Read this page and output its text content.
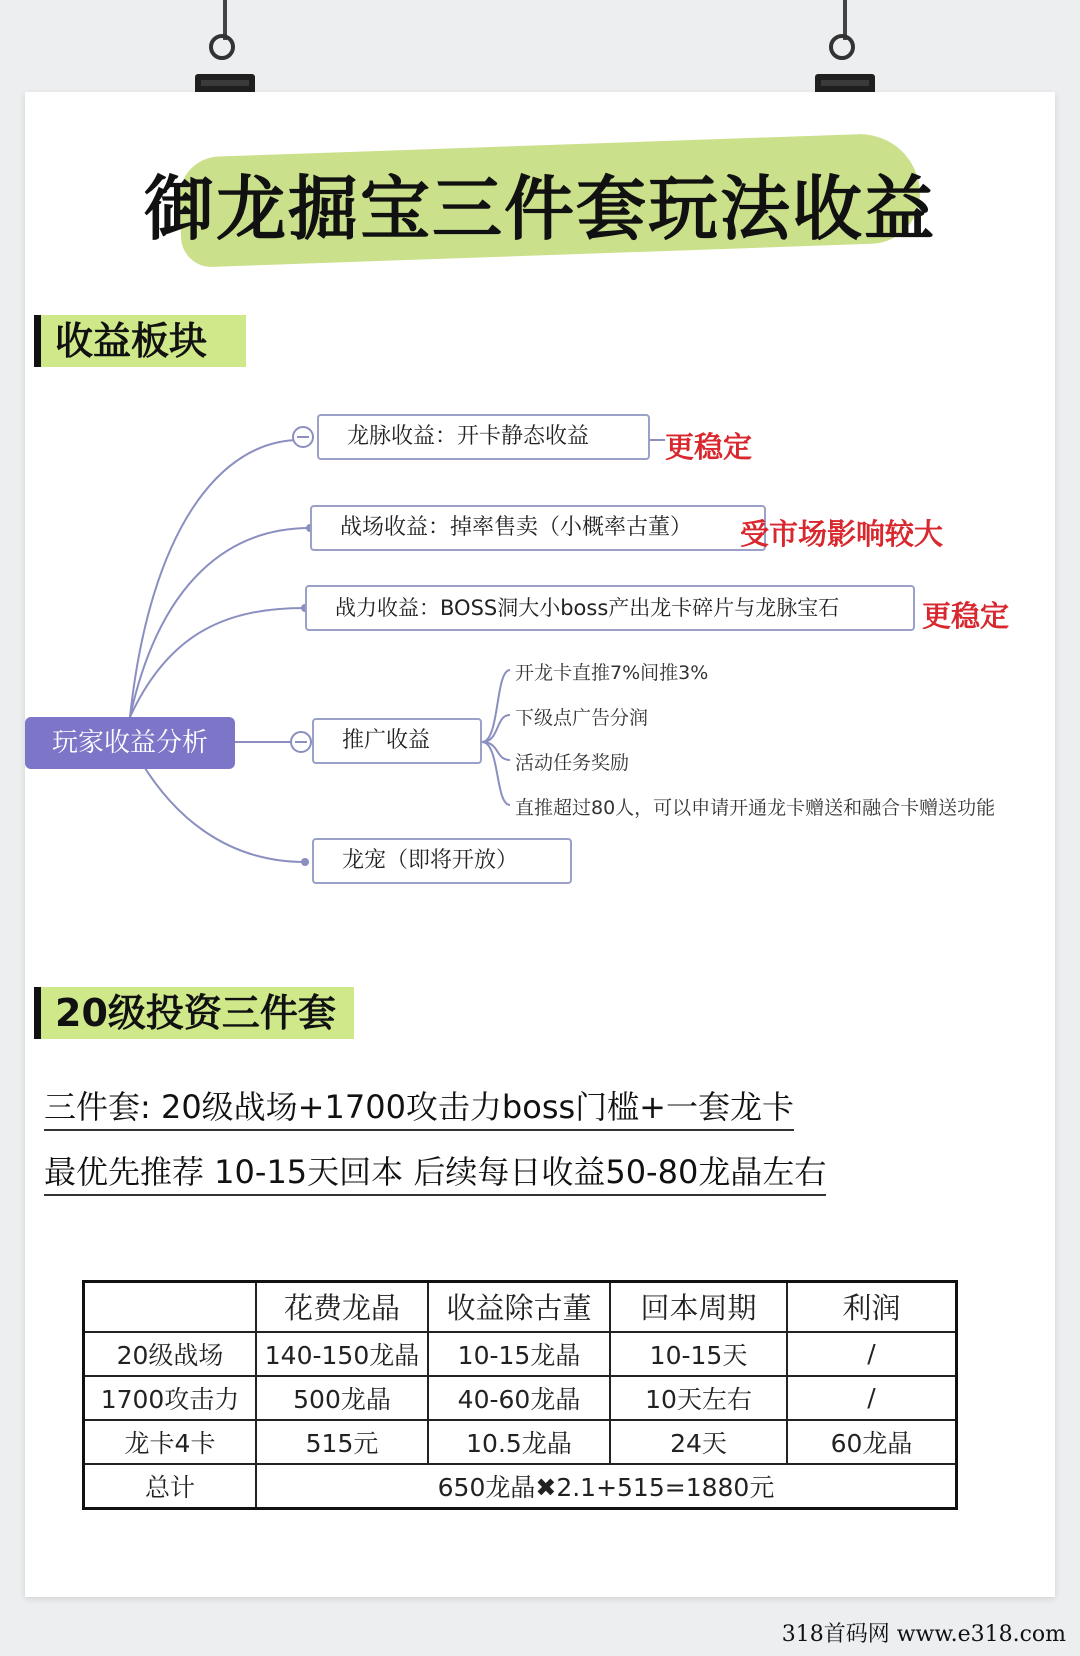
御龙掘宝三件套玩法收益
收益板块
玩家收益分析
龙脉收益：开卡静态收益	更稳定
战场收益：掉率售卖（小概率古董）	受市场影响较大
战力收益：BOSS洞大小boss产出龙卡碎片与龙脉宝石	更稳定
推广收益
开龙卡直推7%间推3%
下级点广告分润
活动任务奖励
直推超过80人，可以申请开通龙卡赠送和融合卡赠送功能
龙宠（即将开放）
20级投资三件套
三件套: 20级战场+1700攻击力boss门槛+一套龙卡
最优先推荐 10-15天回本 后续每日收益50-80龙晶左右
	花费龙晶	收益除古董	回本周期	利润
20级战场	140-150龙晶	10-15龙晶	10-15天	/
1700攻击力	500龙晶	40-60龙晶	10天左右	/
龙卡4卡	515元	10.5龙晶	24天	60龙晶
总计	650龙晶✖2.1+515=1880元			
318首码网 www.e318.com
